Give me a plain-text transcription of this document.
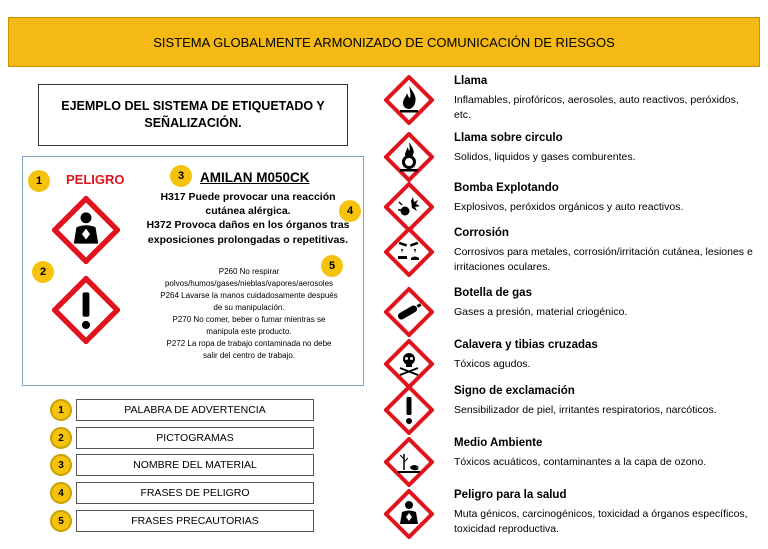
SISTEMA GLOBALMENTE ARMONIZADO DE COMUNICACIÓN DE RIESGOS
EJEMPLO DEL SISTEMA DE ETIQUETADO Y SEÑALIZACIÓN.
1
2
3
4
5
PELIGRO	AMILAN M050CK
H317 Puede provocar una reacción
cutánea alérgica.
H372 Provoca daños en los órganos tras
exposiciones prolongadas o repetitivas.
P260 No respirar
polvos/humos/gases/nieblas/vapores/aerosoles
P264 Lavarse la manos cuidadosamente después
de su manipulación.
P270 No comer, beber o fumar mientras se
manipula este producto.
P272 La ropa de trabajo contaminada no debe
salir del centro de trabajo.
1	PALABRA DE ADVERTENCIA
2	PICTOGRAMAS
3	NOMBRE DEL MATERIAL
4	FRASES DE PELIGRO
5	FRASES PRECAUTORIAS
Llama
Inflamables, pirofóricos, aerosoles, auto reactivos, peróxidos, etc.
Llama sobre circulo
Solidos, liquidos y gases comburentes.
Bomba Explotando
Explosivos, peróxidos orgánicos y auto reactivos.
Corrosión
Corrosivos para metales, corrosión/irritación cutánea, lesiones e irritaciones oculares.
Botella de gas
Gases a presión, material criogénico.
Calavera y tibias cruzadas
Tóxicos agudos.
Signo de exclamación
Sensibilizador de piel, irritantes respiratorios, narcóticos.
Medio Ambiente
Tóxicos acuáticos, contaminantes a la capa de ozono.
Peligro para la salud
Muta génicos, carcinogénicos, toxicidad a órganos específicos, toxicidad reproductiva.
